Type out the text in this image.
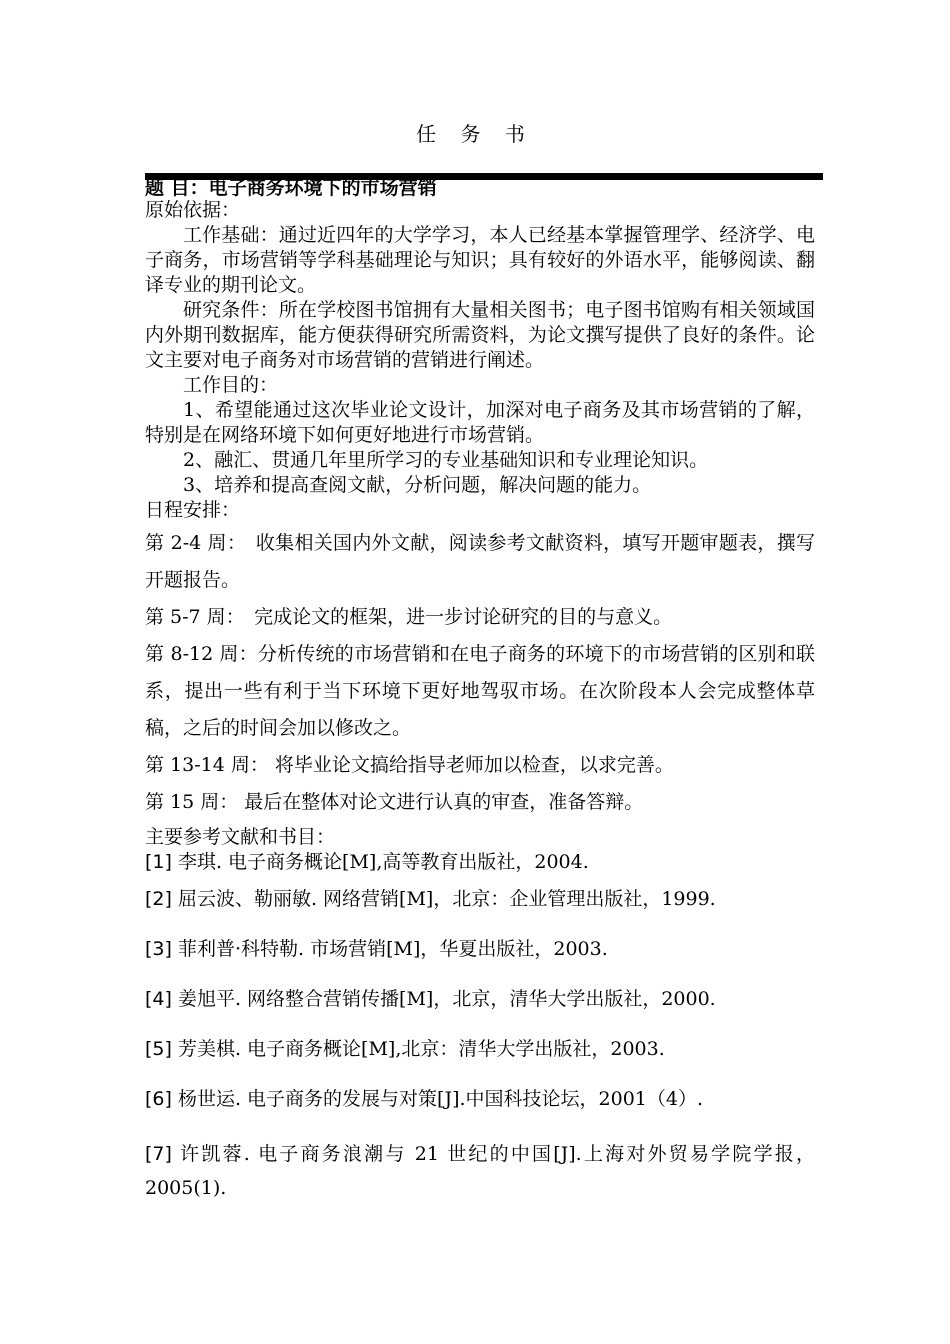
任 务 书
题 目：电子商务环境下的市场营销
原始依据：

工作基础：通过近四年的大学学习，本人已经基本掌握管理学、经济学、电子商务，市场营销等学科基础理论与知识；具有较好的外语水平，能够阅读、翻译专业的期刊论文。

研究条件：所在学校图书馆拥有大量相关图书；电子图书馆购有相关领域国内外期刊数据库，能方便获得研究所需资料，为论文撰写提供了良好的条件。论文主要对电子商务对市场营销的营销进行阐述。

工作目的：

1、希望能通过这次毕业论文设计，加深对电子商务及其市场营销的了解，特别是在网络环境下如何更好地进行市场营销。

2、融汇、贯通几年里所学习的专业基础知识和专业理论知识。

3、培养和提高查阅文献，分析问题，解决问题的能力。

日程安排：

第 2-4 周：　收集相关国内外文献，阅读参考文献资料，填写开题审题表，撰写开题报告。

第 5-7 周：　完成论文的框架，进一步讨论研究的目的与意义。

第 8-12 周：分析传统的市场营销和在电子商务的环境下的市场营销的区别和联系，提出一些有利于当下环境下更好地驾驭市场。在次阶段本人会完成整体草稿，之后的时间会加以修改之。

第 13-14 周： 将毕业论文搞给指导老师加以检查，以求完善。

第 15 周： 最后在整体对论文进行认真的审查，准备答辩。

主要参考文献和书目：

[1] 李琪. 电子商务概论[M],高等教育出版社，2004.

[2] 屈云波、勒丽敏. 网络营销[M]，北京：企业管理出版社，1999.

[3] 菲利普·科特勒. 市场营销[M]，华夏出版社，2003.

[4] 姜旭平. 网络整合营销传播[M]，北京，清华大学出版社，2000.

[5] 芳美棋. 电子商务概论[M],北京：清华大学出版社，2003.

[6] 杨世运. 电子商务的发展与对策[J].中国科技论坛，2001（4）.

[7] 许凯蓉. 电子商务浪潮与 21 世纪的中国[J].上海对外贸易学院学报，2005(1).
